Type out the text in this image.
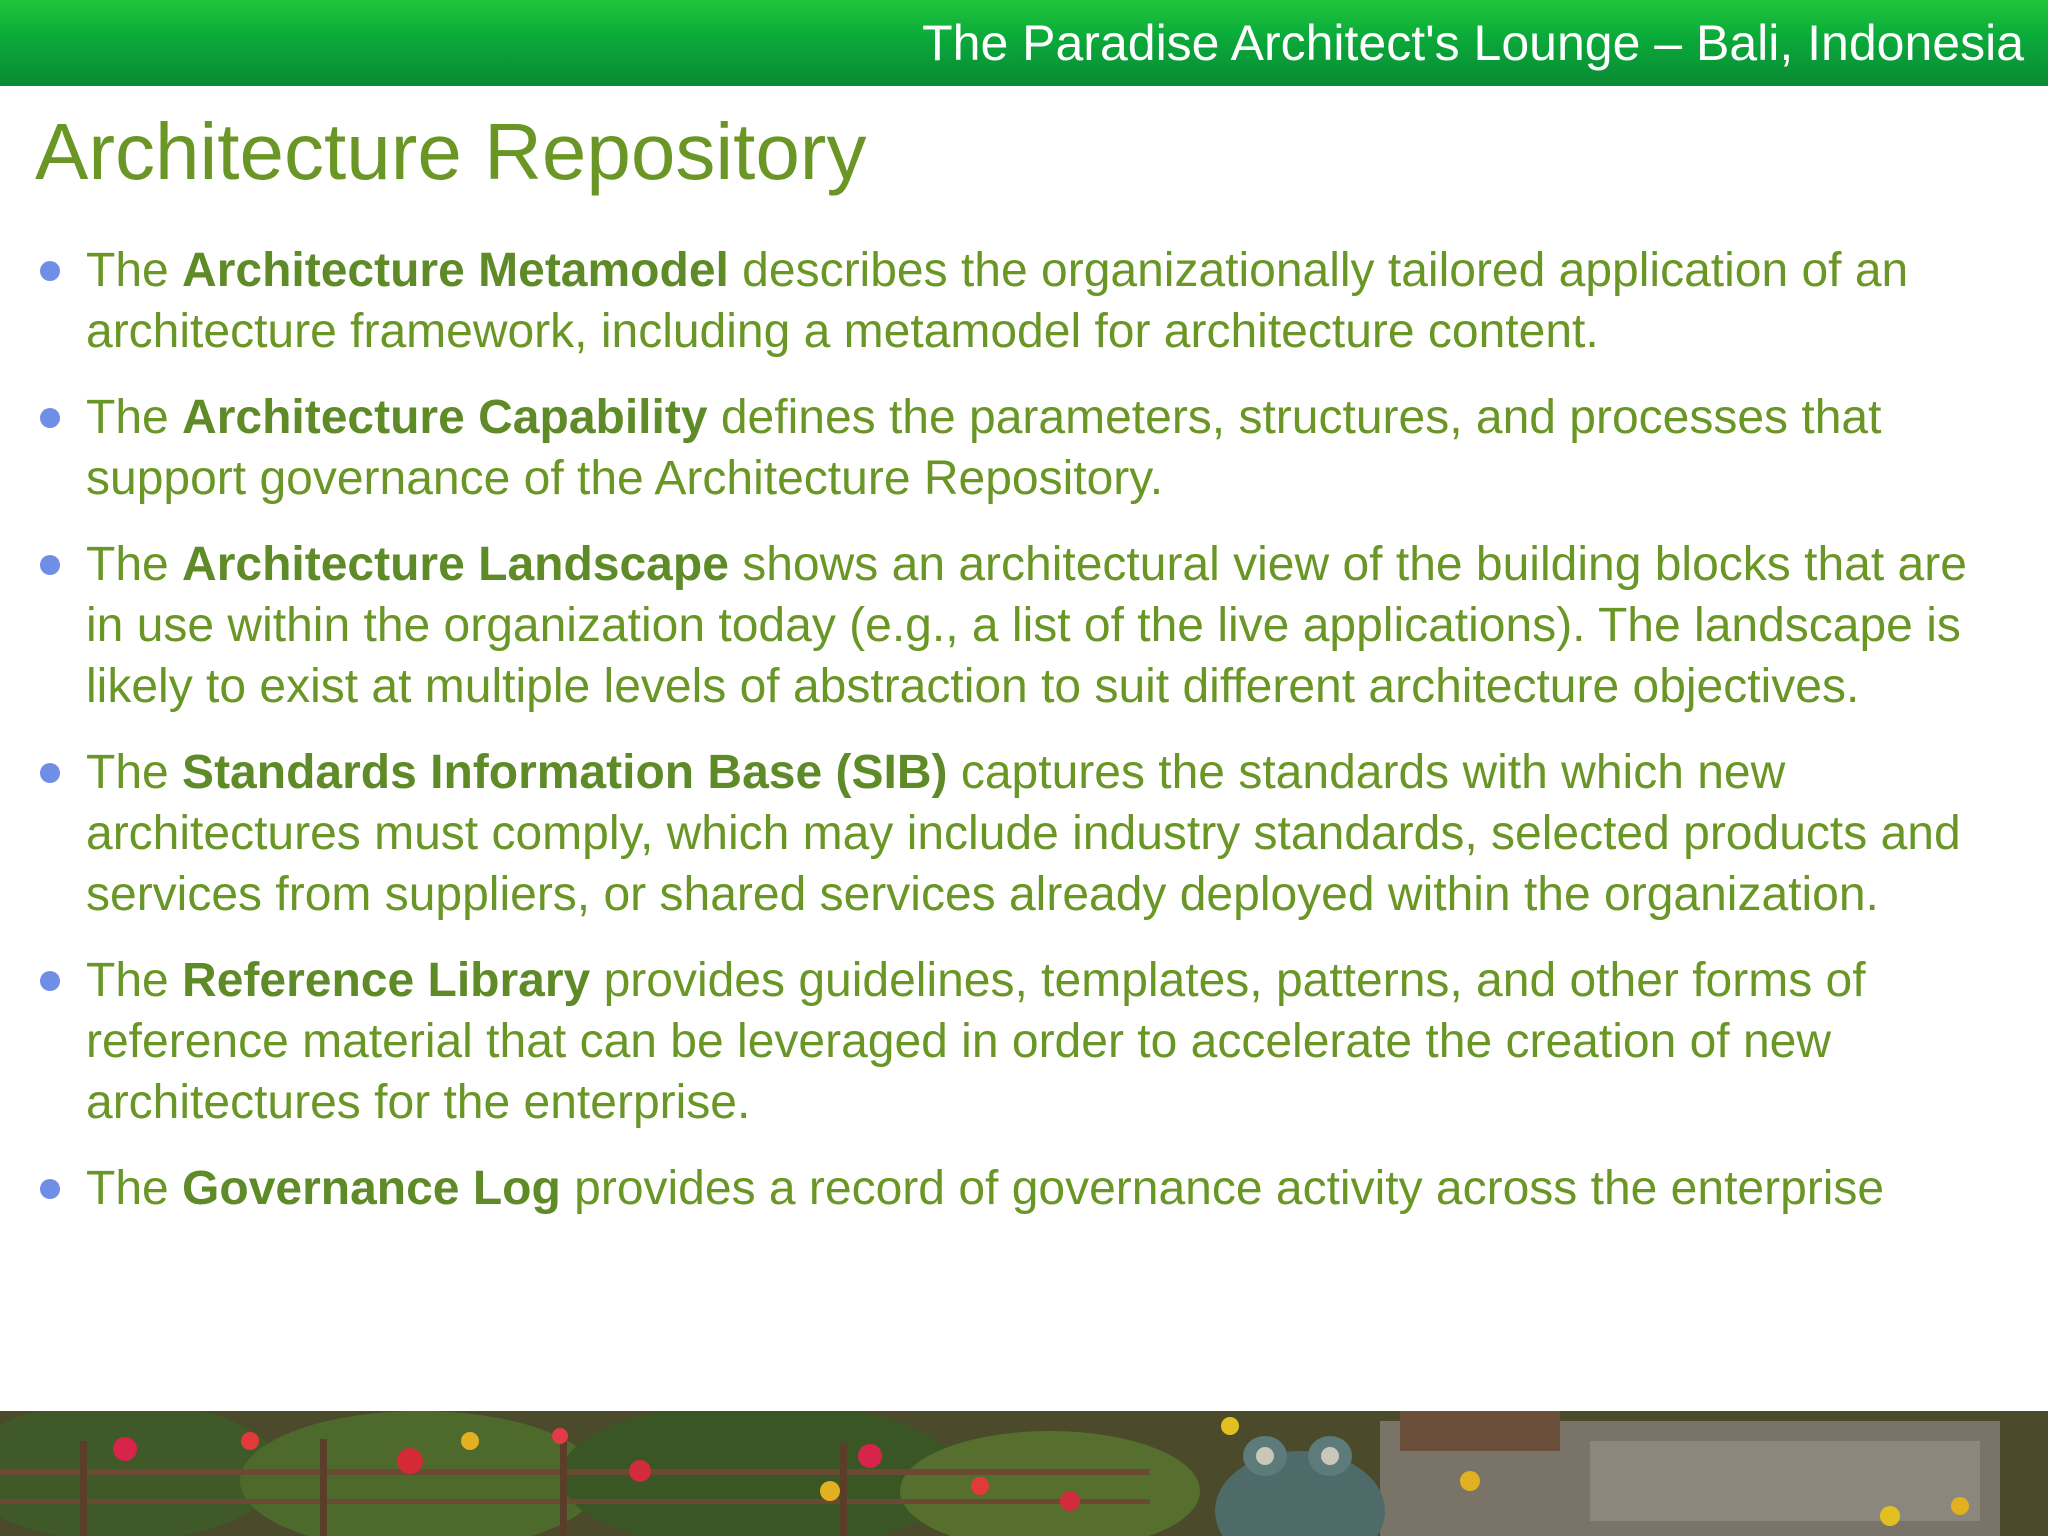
The Paradise Architect's Lounge – Bali, Indonesia
Architecture Repository
The Architecture Metamodel describes the organizationally tailored application of an architecture framework, including a metamodel for architecture content.
The Architecture Capability defines the parameters, structures, and processes that support governance of the Architecture Repository.
The Architecture Landscape shows an architectural view of the building blocks that are in use within the organization today (e.g., a list of the live applications). The landscape is likely to exist at multiple levels of abstraction to suit different architecture objectives.
The Standards Information Base (SIB) captures the standards with which new architectures must comply, which may include industry standards, selected products and services from suppliers, or shared services already deployed within the organization.
The Reference Library provides guidelines, templates, patterns, and other forms of reference material that can be leveraged in order to accelerate the creation of new architectures for the enterprise.
The Governance Log provides a record of governance activity across the enterprise
